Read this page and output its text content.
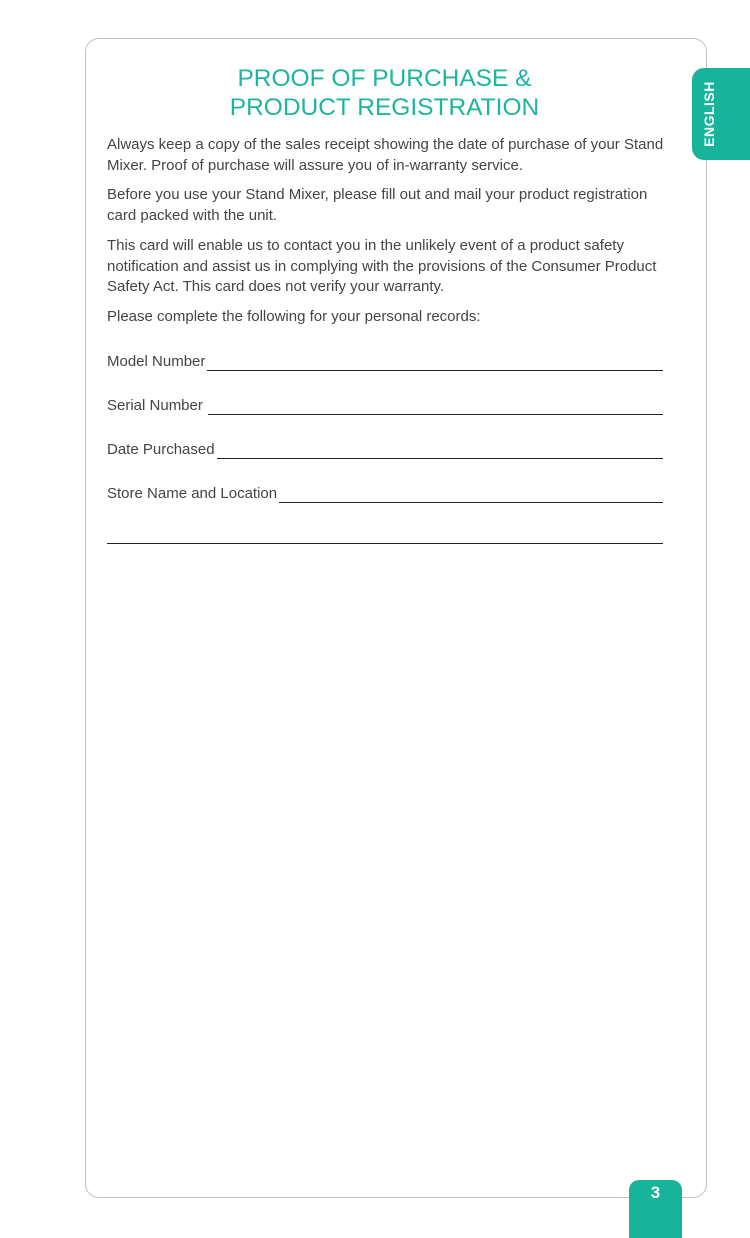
ENGLISH
PROOF OF PURCHASE &
PRODUCT REGISTRATION

Always keep a copy of the sales receipt showing the date of purchase of your Stand Mixer. Proof of purchase will assure you of in-warranty service.

Before you use your Stand Mixer, please fill out and mail your product registration card packed with the unit.

This card will enable us to contact you in the unlikely event of a product safety notification and assist us in complying with the provisions of the Consumer Product Safety Act. This card does not verify your warranty.

Please complete the following for your personal records:

Model Number
Serial Number
Date Purchased
Store Name and Location
3
